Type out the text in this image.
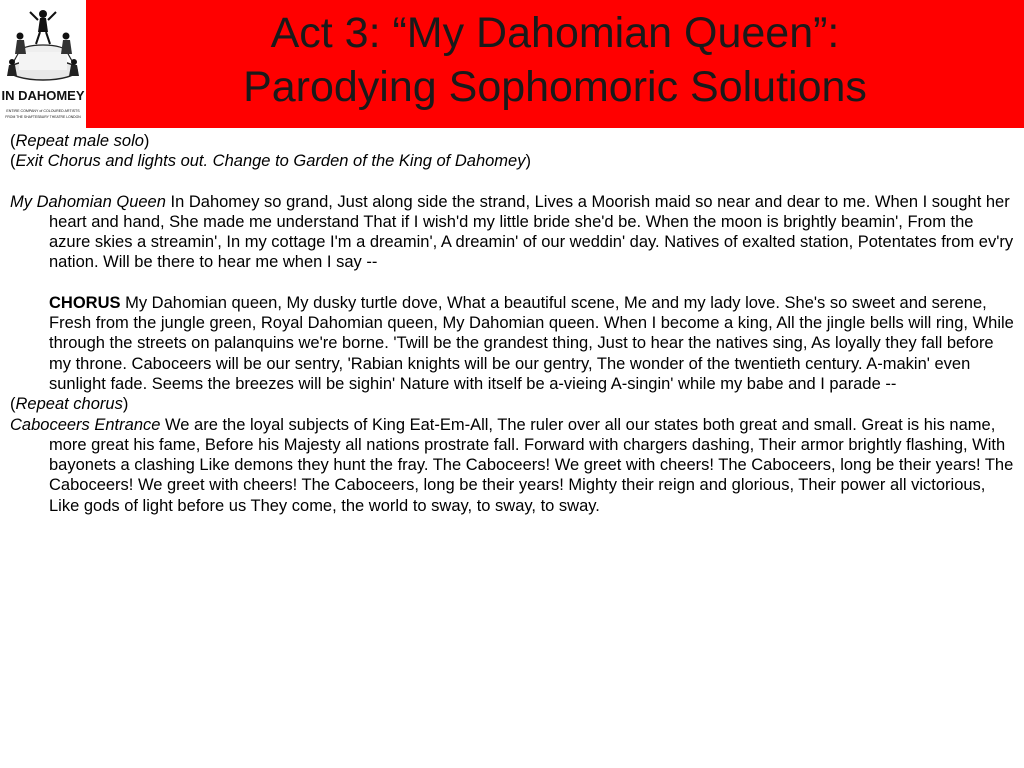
IN DAHOMEY
ENTIRE COMPANY of COLOURED ARTISTS
FROM THE SHAFTESBURY THEATRE LONDON
Act 3: “My Dahomian Queen”:
Parodying Sophomoric Solutions

(Repeat male solo)

(Exit Chorus and lights out. Change to Garden of the King of Dahomey)

My Dahomian Queen In Dahomey so grand, Just along side the strand, Lives a Moorish maid so near and dear to me. When I sought her heart and hand, She made me understand That if I wish'd my little bride she'd be. When the moon is brightly beamin', From the azure skies a streamin', In my cottage I'm a dreamin', A dreamin' of our weddin' day. Natives of exalted station, Potentates from ev'ry nation. Will be there to hear me when I say --

CHORUS My Dahomian queen, My dusky turtle dove, What a beautiful scene, Me and my lady love. She's so sweet and serene, Fresh from the jungle green, Royal Dahomian queen, My Dahomian queen. When I become a king, All the jingle bells will ring, While through the streets on palanquins we're borne. 'Twill be the grandest thing, Just to hear the natives sing, As loyally they fall before my throne. Caboceers will be our sentry, 'Rabian knights will be our gentry, The wonder of the twentieth century. A-makin' even sunlight fade. Seems the breezes will be sighin' Nature with itself be a-vieing A-singin' while my babe and I parade --

(Repeat chorus)

Caboceers Entrance We are the loyal subjects of King Eat-Em-All, The ruler over all our states both great and small. Great is his name, more great his fame, Before his Majesty all nations prostrate fall. Forward with chargers dashing, Their armor brightly flashing, With bayonets a clashing Like demons they hunt the fray. The Caboceers! We greet with cheers! The Caboceers, long be their years! The Caboceers! We greet with cheers! The Caboceers, long be their years! Mighty their reign and glorious, Their power all victorious, Like gods of light before us They come, the world to sway, to sway, to sway.
